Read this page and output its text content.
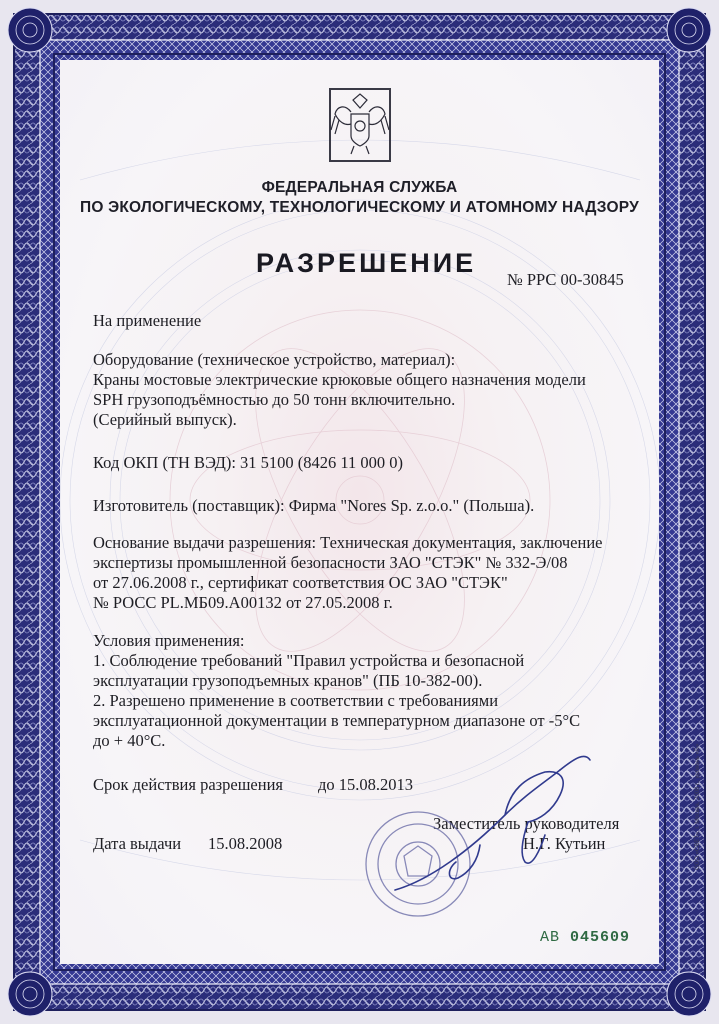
ФЕДЕРАЛЬНАЯ СЛУЖБА
ПО ЭКОЛОГИЧЕСКОМУ, ТЕХНОЛОГИЧЕСКОМУ И АТОМНОМУ НАДЗОРУ
РАЗРЕШЕНИЕ
№ РРС 00-30845
На применение
Оборудование (техническое устройство, материал):
Краны мостовые электрические крюковые общего назначения модели
SPH грузоподъёмностью до 50 тонн включительно.
(Серийный выпуск).
Код ОКП (ТН ВЭД): 31 5100 (8426 11 000 0)
Изготовитель (поставщик): Фирма "Nores Sp. z.o.o." (Польша).
Основание выдачи разрешения: Техническая документация, заключение
экспертизы промышленной безопасности ЗАО "СТЭК" № 332-Э/08
от 27.06.2008 г., сертификат соответствия ОС ЗАО "СТЭК"
№ РОСС PL.МБ09.А00132 от 27.05.2008 г.
Условия применения:
1. Соблюдение требований "Правил устройства и безопасной
эксплуатации грузоподъемных кранов" (ПБ 10-382-00).
2. Разрешено применение в соответствии с требованиями
эксплуатационной документации в температурном диапазоне от -5°С
до + 40°С.
Срок действия разрешения до 15.08.2013
Заместитель руководителя
Н.Г. Кутьин
Дата выдачи 15.08.2008
АВ 045609
ООО «СВЕТ», г. Москва, 2008 г., уровень «Б»
